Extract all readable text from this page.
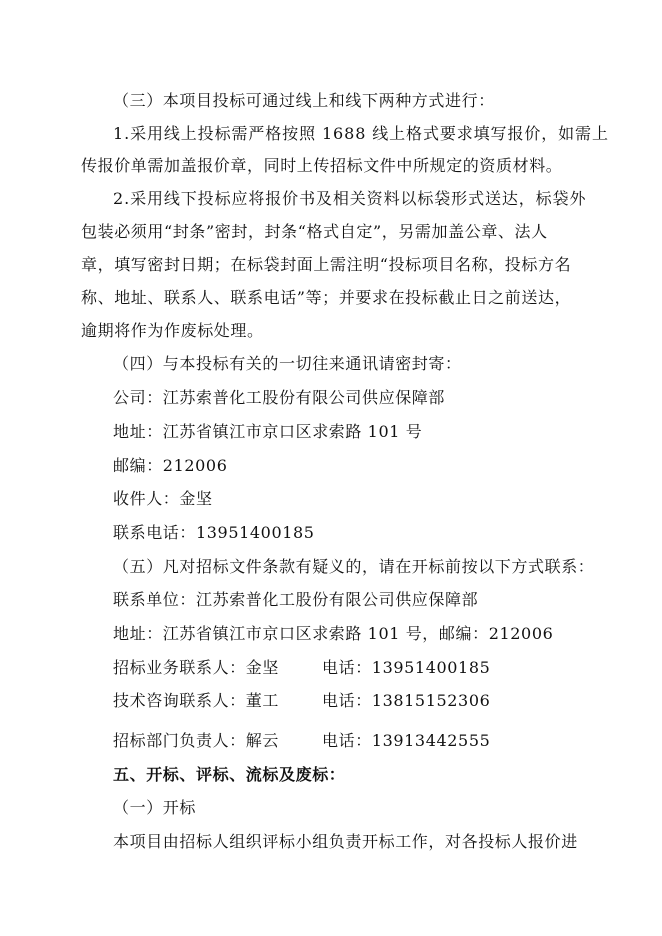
（三）本项目投标可通过线上和线下两种方式进行：

1.采用线上投标需严格按照 1688 线上格式要求填写报价，如需上

传报价单需加盖报价章，同时上传招标文件中所规定的资质材料。

2.采用线下投标应将报价书及相关资料以标袋形式送达，标袋外

包装必须用“封条”密封，封条“格式自定”，另需加盖公章、法人

章，填写密封日期；在标袋封面上需注明“投标项目名称，投标方名

称、地址、联系人、联系电话”等；并要求在投标截止日之前送达，

逾期将作为作废标处理。

（四）与本投标有关的一切往来通讯请密封寄：

公司：江苏索普化工股份有限公司供应保障部

地址：江苏省镇江市京口区求索路 101 号

邮编：212006

收件人：金坚

联系电话：13951400185

（五）凡对招标文件条款有疑义的，请在开标前按以下方式联系：

联系单位：江苏索普化工股份有限公司供应保障部

地址：江苏省镇江市京口区求索路 101 号，邮编：212006

招标业务联系人：金坚	电话：13951400185
技术咨询联系人：董工	电话：13815152306
招标部门负责人：解云	电话：13913442555

五、开标、评标、流标及废标：

（一）开标

本项目由招标人组织评标小组负责开标工作，对各投标人报价进
